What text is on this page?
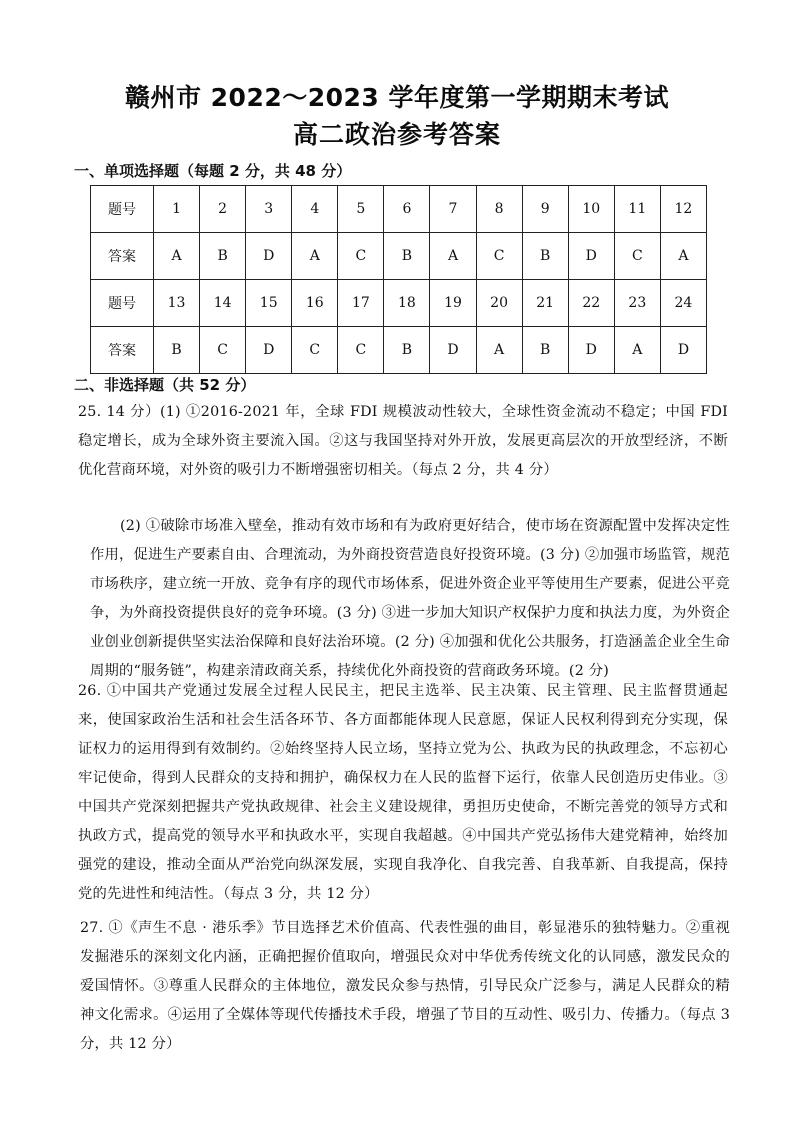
赣州市 2022～2023 学年度第一学期期末考试
高二政治参考答案
一、单项选择题（每题 2 分，共 48 分）
题号	1	2	3	4	5	6	7	8	9	10	11	12
答案	A	B	D	A	C	B	A	C	B	D	C	A
题号	13	14	15	16	17	18	19	20	21	22	23	24
答案	B	C	D	C	C	B	D	A	B	D	A	D
二、非选择题（共 52 分）
25. 14 分）(1) ①2016-2021 年，全球 FDI 规模波动性较大，全球性资金流动不稳定；中国 FDI 稳定增长，成为全球外资主要流入国。②这与我国坚持对外开放，发展更高层次的开放型经济，不断优化营商环境，对外资的吸引力不断增强密切相关。（每点 2 分，共 4 分）
(2) ①破除市场准入壁垒，推动有效市场和有为政府更好结合，使市场在资源配置中发挥决定性作用，促进生产要素自由、合理流动，为外商投资营造良好投资环境。(3 分) ②加强市场监管，规范市场秩序，建立统一开放、竞争有序的现代市场体系，促进外资企业平等使用生产要素，促进公平竞争，为外商投资提供良好的竞争环境。(3 分) ③进一步加大知识产权保护力度和执法力度，为外资企业创业创新提供坚实法治保障和良好法治环境。(2 分) ④加强和优化公共服务，打造涵盖企业全生命周期的“服务链”，构建亲清政商关系，持续优化外商投资的营商政务环境。(2 分)
26. ①中国共产党通过发展全过程人民民主，把民主选举、民主决策、民主管理、民主监督贯通起来，使国家政治生活和社会生活各环节、各方面都能体现人民意愿，保证人民权利得到充分实现，保证权力的运用得到有效制约。②始终坚持人民立场，坚持立党为公、执政为民的执政理念，不忘初心牢记使命，得到人民群众的支持和拥护，确保权力在人民的监督下运行，依靠人民创造历史伟业。③中国共产党深刻把握共产党执政规律、社会主义建设规律，勇担历史使命，不断完善党的领导方式和执政方式，提高党的领导水平和执政水平，实现自我超越。④中国共产党弘扬伟大建党精神，始终加强党的建设，推动全面从严治党向纵深发展，实现自我净化、自我完善、自我革新、自我提高，保持党的先进性和纯洁性。（每点 3 分，共 12 分）
27. ①《声生不息 · 港乐季》节目选择艺术价值高、代表性强的曲目，彰显港乐的独特魅力。②重视发掘港乐的深刻文化内涵，正确把握价值取向，增强民众对中华优秀传统文化的认同感，激发民众的爱国情怀。③尊重人民群众的主体地位，激发民众参与热情，引导民众广泛参与，满足人民群众的精神文化需求。④运用了全媒体等现代传播技术手段，增强了节目的互动性、吸引力、传播力。（每点 3 分，共 12 分）
